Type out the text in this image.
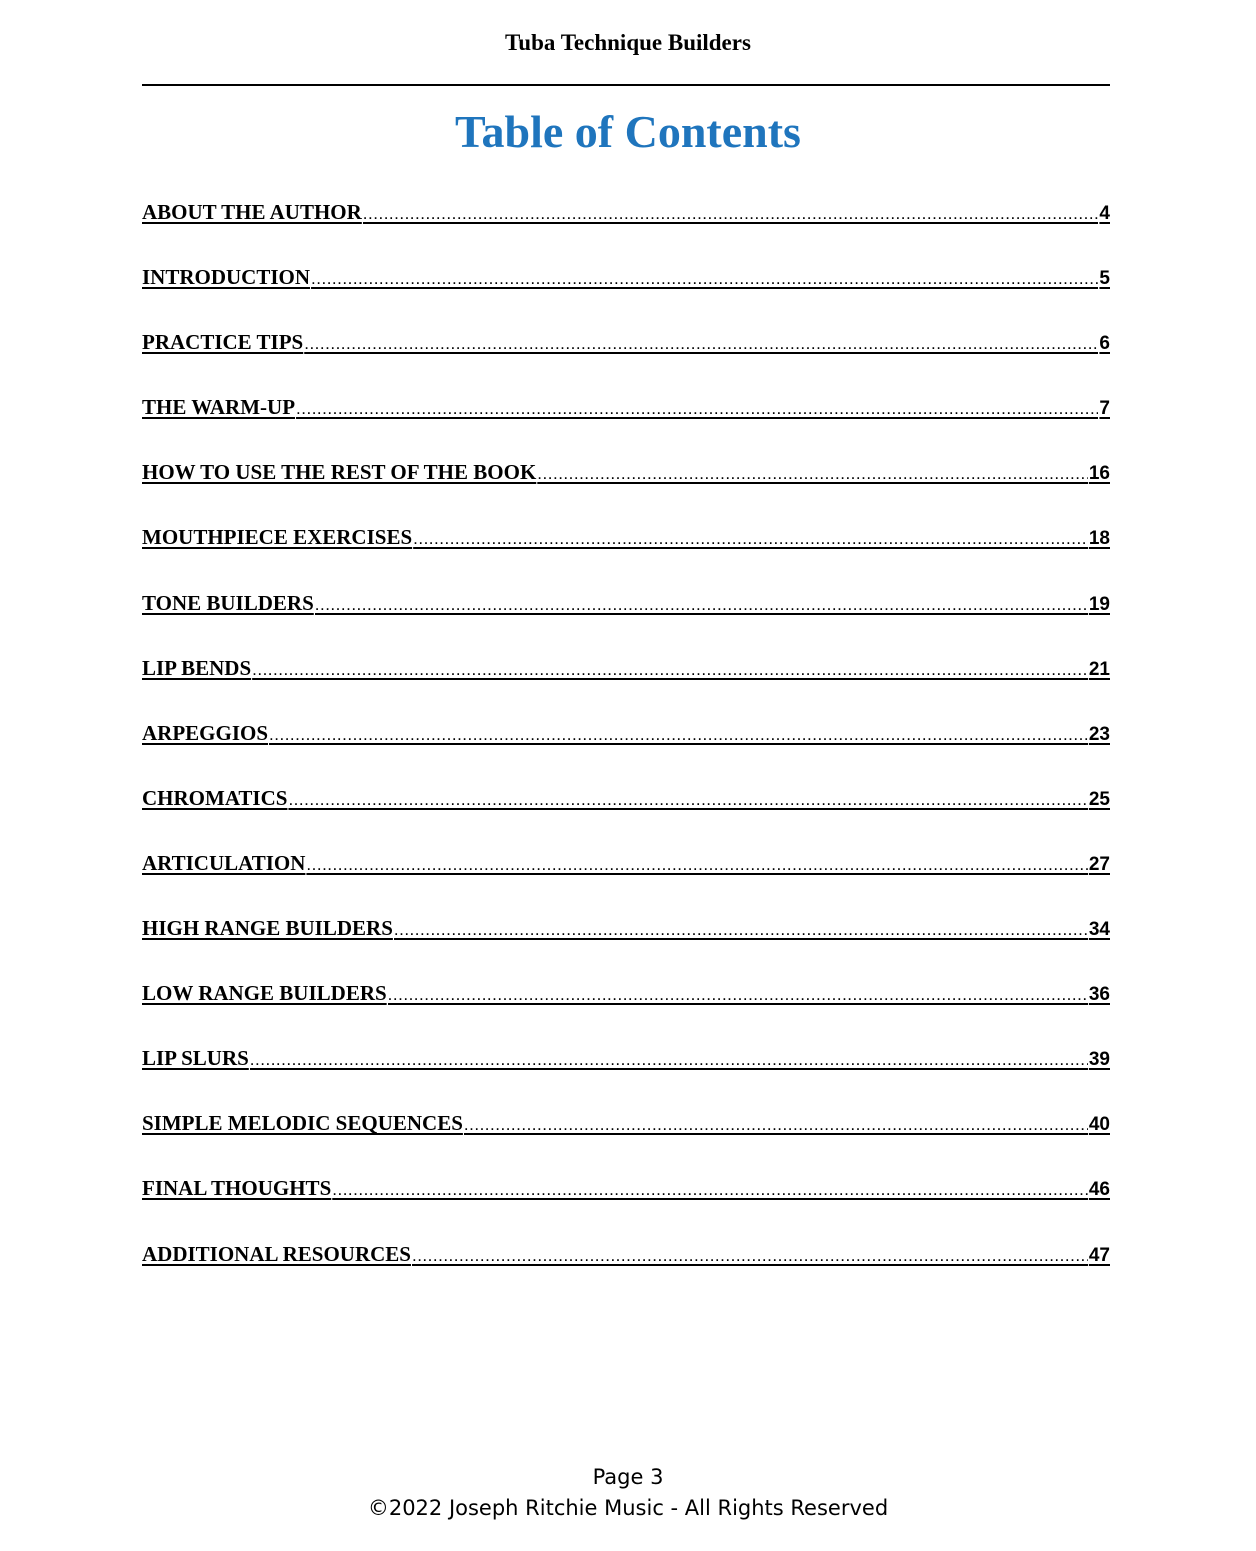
Tuba Technique Builders
Table of Contents
ABOUT THE AUTHOR .....	4
INTRODUCTION .....	5
PRACTICE TIPS .....	6
THE WARM-UP .....	7
HOW TO USE THE REST OF THE BOOK .....	16
MOUTHPIECE EXERCISES .....	18
TONE BUILDERS .....	19
LIP BENDS .....	21
ARPEGGIOS .....	23
CHROMATICS .....	25
ARTICULATION .....	27
HIGH RANGE BUILDERS .....	34
LOW RANGE BUILDERS .....	36
LIP SLURS .....	39
SIMPLE MELODIC SEQUENCES .....	40
FINAL THOUGHTS .....	46
ADDITIONAL RESOURCES .....	47
Page 3
©2022 Joseph Ritchie Music - All Rights Reserved
